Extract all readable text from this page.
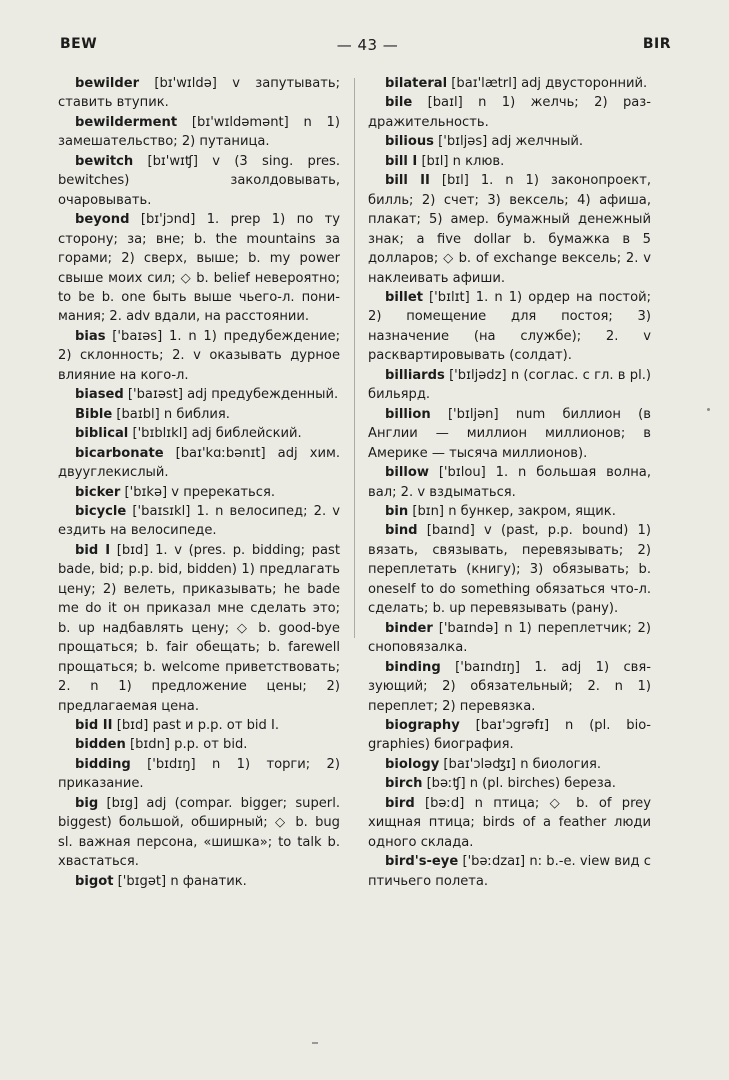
BEW	— 43 —	BIR
bewilder [bɪ'wɪldə] v запутывать; ставить втупик.
bewilderment [bɪ'wɪldəmənt] n 1) замешательство; 2) путаница.
bewitch [bɪ'wɪʧ] v (3 sing. pres. bewitches) заколдовывать, очаровывать.
beyond [bɪ'jɔnd] 1. prep 1) по ту сторону; за; вне; b. the mountains за горами; 2) сверх, выше; b. my power свыше моих сил; ◇ b. belief невероятно; to be b. one быть выше чьего-л. понимания; 2. adv вдали, на расстоянии.
bias ['baɪəs] 1. n 1) предубеждение; 2) склонность; 2. v оказывать дурное влияние на кого-л.
biased ['baɪəst] adj предубежденный.
Bible [baɪbl] n библия.
biblical ['bɪblɪkl] adj библейский.
bicarbonate [baɪ'kɑːbənɪt] adj хим. двууглекислый.
bicker ['bɪkə] v пререкаться.
bicycle ['baɪsɪkl] 1. n велосипед; 2. v ездить на велосипеде.
bid I [bɪd] 1. v (pres. p. bidding; past bade, bid; p.p. bid, bidden) 1) предлагать цену; 2) велеть, приказывать; he bade me do it он приказал мне сделать это; b. up надбавлять цену; ◇ b. good-bye прощаться; b. fair обещать; b. farewell прощаться; b. welcome приветствовать; 2. n 1) предложение цены; 2) предлагаемая цена.
bid II [bɪd] past и p.p. от bid I.
bidden [bɪdn] p.p. от bid.
bidding ['bɪdɪŋ] n 1) торги; 2) приказание.
big [bɪg] adj (compar. bigger; superl. biggest) большой, обширный; ◇ b. bug sl. важная персона, «шишка»; to talk b. хвастаться.
bigot ['bɪgət] n фанатик.
bilateral [baɪ'lætrl] adj двусторонний.
bile [baɪl] n 1) желчь; 2) раздражительность.
bilious ['bɪljəs] adj желчный.
bill I [bɪl] n клюв.
bill II [bɪl] 1. n 1) законопроект, билль; 2) счет; 3) вексель; 4) афиша, плакат; 5) амер. бумажный денежный знак; a five dollar b. бумажка в 5 долларов; ◇ b. of exchange вексель; 2. v наклеивать афиши.
billet ['bɪlɪt] 1. n 1) ордер на постой; 2) помещение для постоя; 3) назначение (на службе); 2. v расквартировывать (солдат).
billiards ['bɪljədz] n (соглас. с гл. в pl.) бильярд.
billion ['bɪljən] num биллион (в Англии — миллион миллионов; в Америке — тысяча миллионов).
billow ['bɪlou] 1. n большая волна, вал; 2. v вздыматься.
bin [bɪn] n бункер, закром, ящик.
bind [baɪnd] v (past, p.p. bound) 1) вязать, связывать, перевязывать; 2) переплетать (книгу); 3) обязывать; b. oneself to do something обязаться что-л. сделать; b. up перевязывать (рану).
binder ['baɪndə] n 1) переплетчик; 2) сноповязалка.
binding ['baɪndɪŋ] 1. adj 1) связующий; 2) обязательный; 2. n 1) переплет; 2) перевязка.
biography [baɪ'ɔgrəfɪ] n (pl. biographies) биография.
biology [baɪ'ɔləʤɪ] n биология.
birch [bəːʧ] n (pl. birches) береза.
bird [bəːd] n птица; ◇ b. of prey хищная птица; birds of a feather люди одного склада.
bird's-eye ['bəːdzaɪ] n: b.-e. view вид с птичьего полета.
